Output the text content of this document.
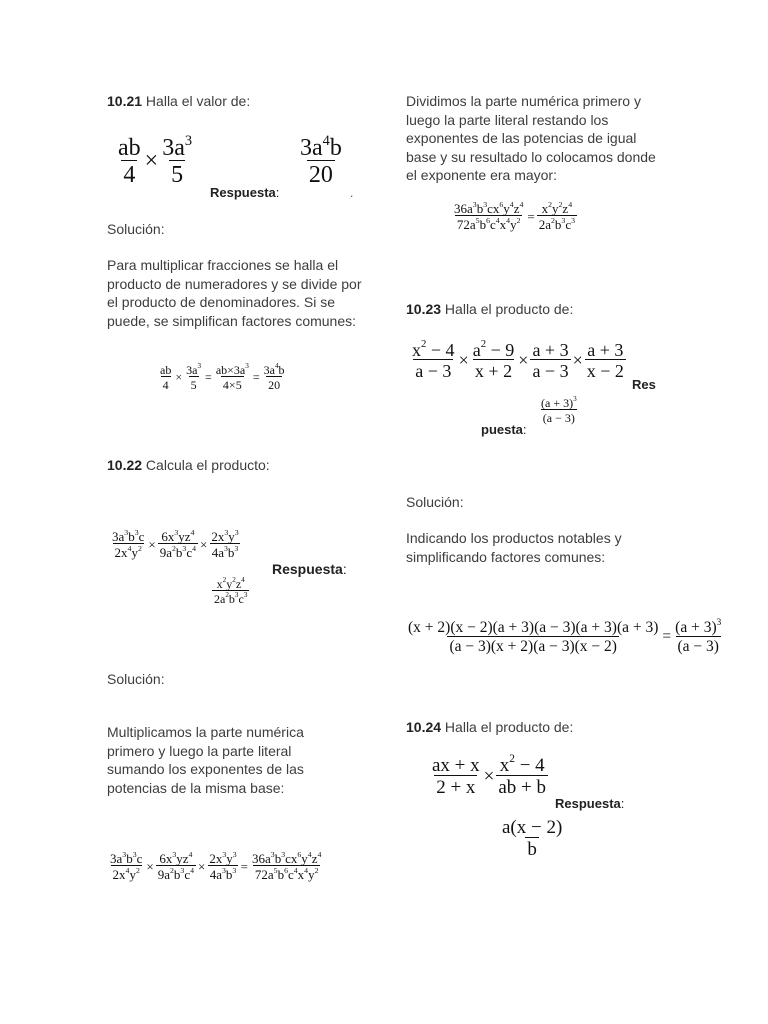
10.21 Halla el valor de:
$\frac{ab}{4} \times \frac{3a^3}{5}$
Respuesta:
$\frac{3a^4b}{20}$
.
Solución:
Para multiplicar fracciones se halla el producto de numeradores y se divide por el producto de denominadores. Si se puede, se simplifican factores comunes:
$\frac{ab}{4} \times \frac{3a^3}{5} = \frac{ab\times 3a^3}{4\times 5} = \frac{3a^4b}{20}$
10.22 Calcula el producto:
$\frac{3a^3b^3c}{2x^4y^2} \times \frac{6x^3yz^4}{9a^2b^3c^4} \times \frac{2x^3y^3}{4a^3b^3}$
Respuesta:
$\frac{x^2y^2z^4}{2a^2b^3c^3}$
Solución:
Multiplicamos la parte numérica primero y luego la parte literal sumando los exponentes de las potencias de la misma base:
$\frac{3a^3b^3c}{2x^4y^2} \times \frac{6x^3yz^4}{9a^2b^3c^4} \times \frac{2x^3y^3}{4a^3b^3} = \frac{36a^3b^3cx^6y^4z^4}{72a^5b^6c^4x^4y^2}$
Dividimos la parte numérica primero y luego la parte literal restando los exponentes de las potencias de igual base y su resultado lo colocamos donde el exponente era mayor:
$\frac{36a^3b^3cx^6y^4z^4}{72a^5b^6c^4x^4y^2} = \frac{x^2y^2z^4}{2a^2b^3c^3}$
10.23 Halla el producto de:
$\frac{x^2 - 4}{a - 3} \times \frac{a^2 - 9}{x + 2} \times \frac{a + 3}{a - 3} \times \frac{a + 3}{x - 2}$
Res
puesta:
$\frac{(a + 3)^3}{(a - 3)}$
Solución:
Indicando los productos notables y simplificando factores comunes:
$\frac{(x + 2)(x - 2)(a + 3)(a - 3)(a + 3)(a + 3)}{(a - 3)(x + 2)(a - 3)(x - 2)} = \frac{(a + 3)^3}{(a - 3)}$
10.24 Halla el producto de:
$\frac{ax + x}{2 + x} \times \frac{x^2 - 4}{ab + b}$
Respuesta:
$\frac{a(x - 2)}{b}$
